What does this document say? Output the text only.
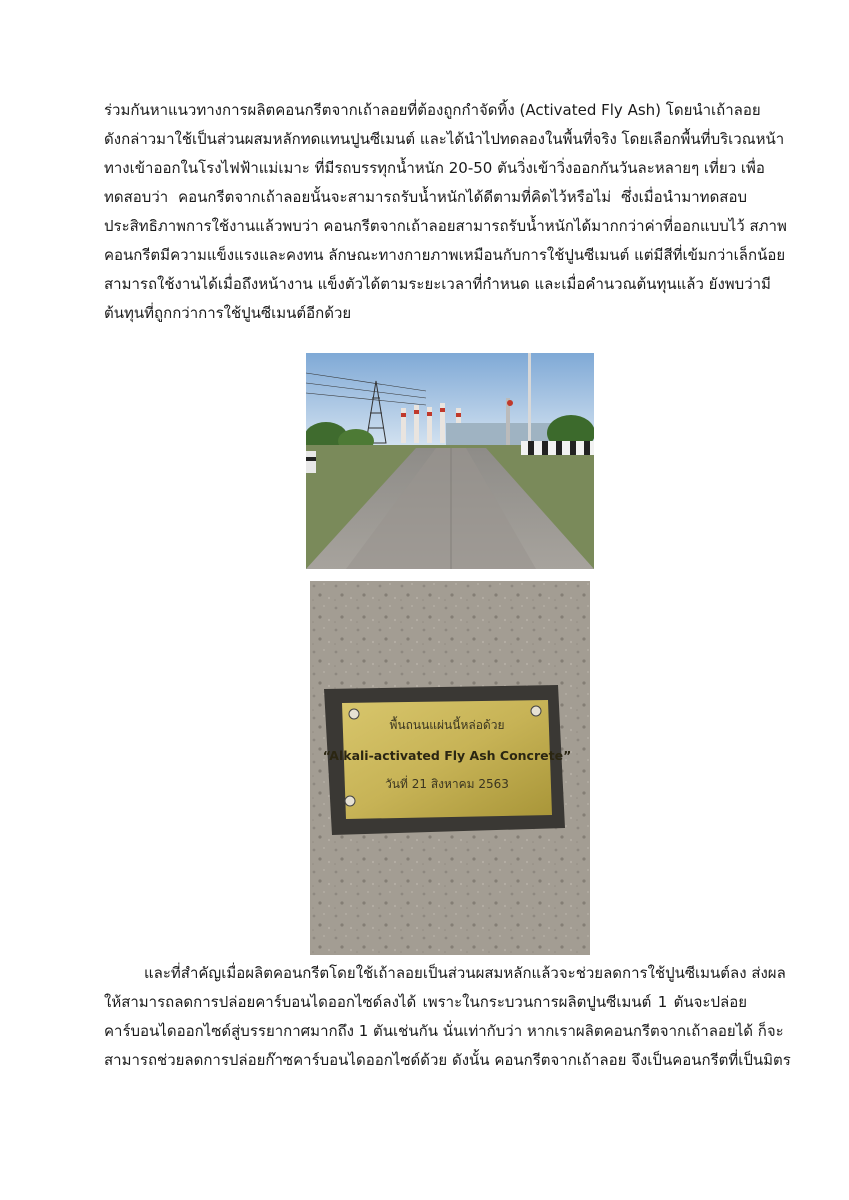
ร่วมกันหาแนวทางการผลิตคอนกรีตจากเถ้าลอยที่ต้องถูกกำจัดทิ้ง (Activated Fly Ash) โดยนำเถ้าลอย
ดังกล่าวมาใช้เป็นส่วนผสมหลักทดแทนปูนซีเมนต์ และได้นำไปทดลองในพื้นที่จริง โดยเลือกพื้นที่บริเวณหน้า
ทางเข้าออกในโรงไฟฟ้าแม่เมาะ ที่มีรถบรรทุกน้ำหนัก 20-50 ตันวิ่งเข้าวิ่งออกกันวันละหลายๆ เที่ยว เพื่อ
ทดสอบว่า คอนกรีตจากเถ้าลอยนั้นจะสามารถรับน้ำหนักได้ดีตามที่คิดไว้หรือไม่ ซึ่งเมื่อนำมาทดสอบ
ประสิทธิภาพการใช้งานแล้วพบว่า คอนกรีตจากเถ้าลอยสามารถรับน้ำหนักได้มากกว่าค่าที่ออกแบบไว้ สภาพ
คอนกรีตมีความแข็งแรงและคงทน ลักษณะทางกายภาพเหมือนกับการใช้ปูนซีเมนต์ แต่มีสีที่เข้มกว่าเล็กน้อย
สามารถใช้งานได้เมื่อถึงหน้างาน แข็งตัวได้ตามระยะเวลาที่กำหนด และเมื่อคำนวณต้นทุนแล้ว ยังพบว่ามี
ต้นทุนที่ถูกกว่าการใช้ปูนซีเมนต์อีกด้วย
พื้นถนนแผ่นนี้หล่อด้วย
“Alkali-activated Fly Ash Concrete”
วันที่ 21 สิงหาคม 2563
และที่สำคัญเมื่อผลิตคอนกรีตโดยใช้เถ้าลอยเป็นส่วนผสมหลักแล้วจะช่วยลดการใช้ปูนซีเมนต์ลง ส่งผล
ให้สามารถลดการปล่อยคาร์บอนไดออกไซด์ลงได้ เพราะในกระบวนการผลิตปูนซีเมนต์ 1 ตันจะปล่อย
คาร์บอนไดออกไซด์สู่บรรยากาศมากถึง 1 ตันเช่นกัน นั่นเท่ากับว่า หากเราผลิตคอนกรีตจากเถ้าลอยได้ ก็จะ
สามารถช่วยลดการปล่อยก๊าซคาร์บอนไดออกไซด์ด้วย ดังนั้น คอนกรีตจากเถ้าลอย จึงเป็นคอนกรีตที่เป็นมิตร
